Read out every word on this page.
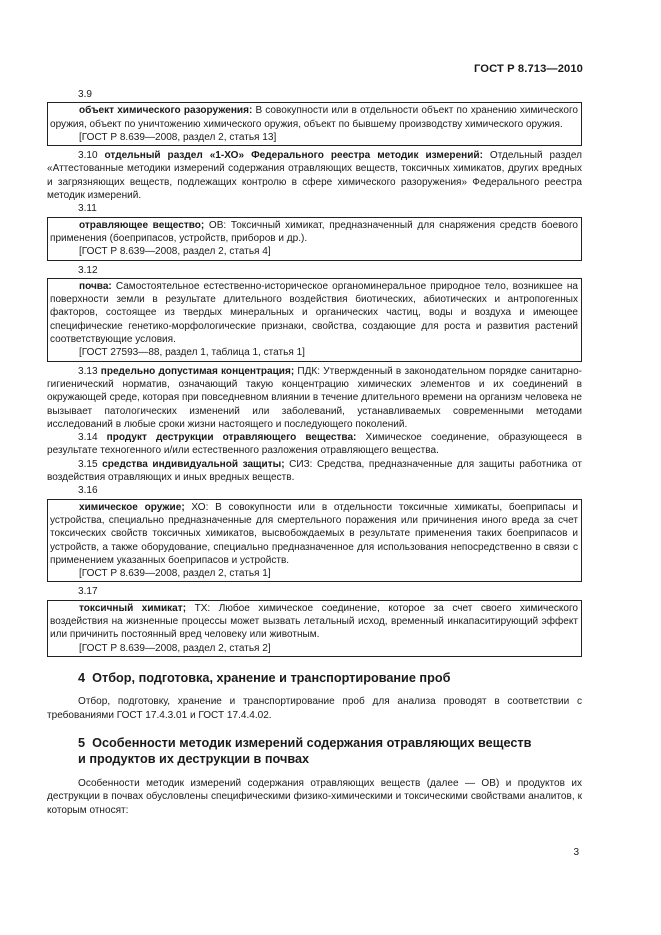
ГОСТ Р 8.713—2010

3.9

объект химического разоружения: В совокупности или в отдельности объект по хранению химического оружия, объект по уничтожению химического оружия, объект по бывшему производству химического оружия.

[ГОСТ Р 8.639—2008, раздел 2, статья 13]

3.10 отдельный раздел «1-ХО» Федерального реестра методик измерений: Отдельный раздел «Аттестованные методики измерений содержания отравляющих веществ, токсичных химикатов, других вредных и загрязняющих веществ, подлежащих контролю в сфере химического разоружения» Федерального реестра методик измерений.

3.11

отравляющее вещество; ОВ: Токсичный химикат, предназначенный для снаряжения средств боевого применения (боеприпасов, устройств, приборов и др.).

[ГОСТ Р 8.639—2008, раздел 2, статья 4]

3.12

почва: Самостоятельное естественно-историческое органоминеральное природное тело, возникшее на поверхности земли в результате длительного воздействия биотических, абиотических и антропогенных факторов, состоящее из твердых минеральных и органических частиц, воды и воздуха и имеющее специфические генетико-морфологические признаки, свойства, создающие для роста и развития растений соответствующие условия.

[ГОСТ 27593—88, раздел 1, таблица 1, статья 1]

3.13 предельно допустимая концентрация; ПДК: Утвержденный в законодательном порядке санитарно-гигиенический норматив, означающий такую концентрацию химических элементов и их соединений в окружающей среде, которая при повседневном влиянии в течение длительного времени на организм человека не вызывает патологических изменений или заболеваний, устанавливаемых современными методами исследований в любые сроки жизни настоящего и последующего поколений.

3.14 продукт деструкции отравляющего вещества: Химическое соединение, образующееся в результате техногенного и/или естественного разложения отравляющего вещества.

3.15 средства индивидуальной защиты; СИЗ: Средства, предназначенные для защиты работника от воздействия отравляющих и иных вредных веществ.

3.16

химическое оружие; ХО: В совокупности или в отдельности токсичные химикаты, боеприпасы и устройства, специально предназначенные для смертельного поражения или причинения иного вреда за счет токсических свойств токсичных химикатов, высвобождаемых в результате применения таких боеприпасов и устройств, а также оборудование, специально предназначенное для использования непосредственно в связи с применением указанных боеприпасов и устройств.

[ГОСТ Р 8.639—2008, раздел 2, статья 1]

3.17

токсичный химикат; ТХ: Любое химическое соединение, которое за счет своего химического воздействия на жизненные процессы может вызвать летальный исход, временный инкапаситирующий эффект или причинить постоянный вред человеку или животным.

[ГОСТ Р 8.639—2008, раздел 2, статья 2]

4 Отбор, подготовка, хранение и транспортирование проб

Отбор, подготовку, хранение и транспортирование проб для анализа проводят в соответствии с требованиями ГОСТ 17.4.3.01 и ГОСТ 17.4.4.02.

5 Особенности методик измерений содержания отравляющих веществ
и продуктов их деструкции в почвах

Особенности методик измерений содержания отравляющих веществ (далее — ОВ) и продуктов их деструкции в почвах обусловлены специфическими физико-химическими и токсическими свойствами аналитов, к которым относят:

3
